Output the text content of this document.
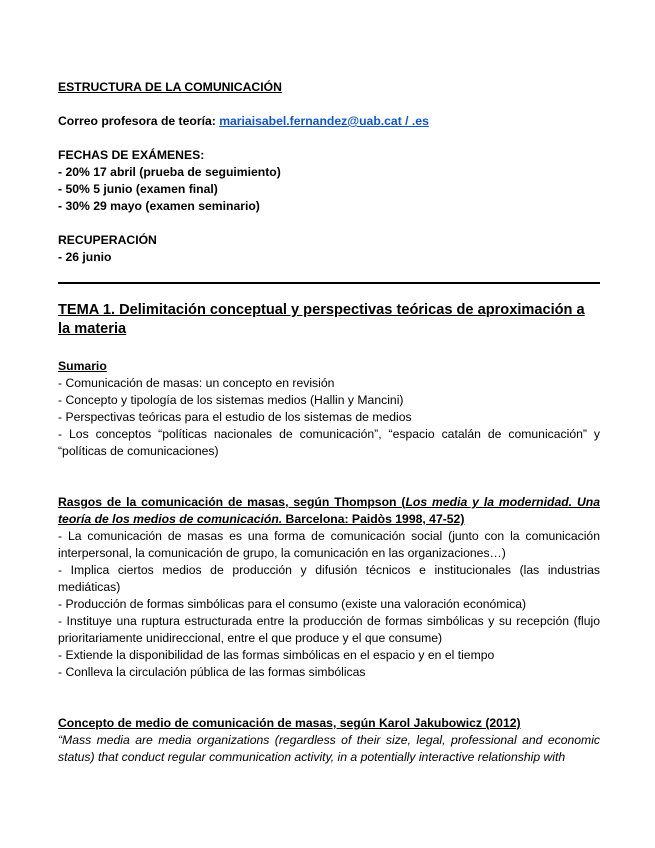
ESTRUCTURA DE LA COMUNICACIÓN

Correo profesora de teoría: mariaisabel.fernandez@uab.cat / .es

FECHAS DE EXÁMENES:

- 20% 17 abril (prueba de seguimiento)

- 50% 5 junio (examen final)

- 30% 29 mayo (examen seminario)

RECUPERACIÓN

- 26 junio

TEMA 1. Delimitación conceptual y perspectivas teóricas de aproximación a

la materia

Sumario

- Comunicación de masas: un concepto en revisión

- Concepto y tipología de los sistemas medios (Hallin y Mancini)

- Perspectivas teóricas para el estudio de los sistemas de medios

- Los conceptos “políticas nacionales de comunicación”, “espacio catalán de comunicación” y “políticas de comunicaciones)

Rasgos de la comunicación de masas, según Thompson (Los media y la modernidad. Una teoría de los medios de comunicación. Barcelona: Paidòs 1998, 47-52)

- La comunicación de masas es una forma de comunicación social (junto con la comunicación interpersonal, la comunicación de grupo, la comunicación en las organizaciones…)

- Implica ciertos medios de producción y difusión técnicos e institucionales (las industrias mediáticas)

- Producción de formas simbólicas para el consumo (existe una valoración económica)

- Instituye una ruptura estructurada entre la producción de formas simbólicas y su recepción (flujo prioritariamente unidireccional, entre el que produce y el que consume)

- Extiende la disponibilidad de las formas simbólicas en el espacio y en el tiempo

- Conlleva la circulación pública de las formas simbólicas

Concepto de medio de comunicación de masas, según Karol Jakubowicz (2012)

“Mass media are media organizations (regardless of their size, legal, professional and economic status) that conduct regular communication activity, in a potentially interactive relationship with
